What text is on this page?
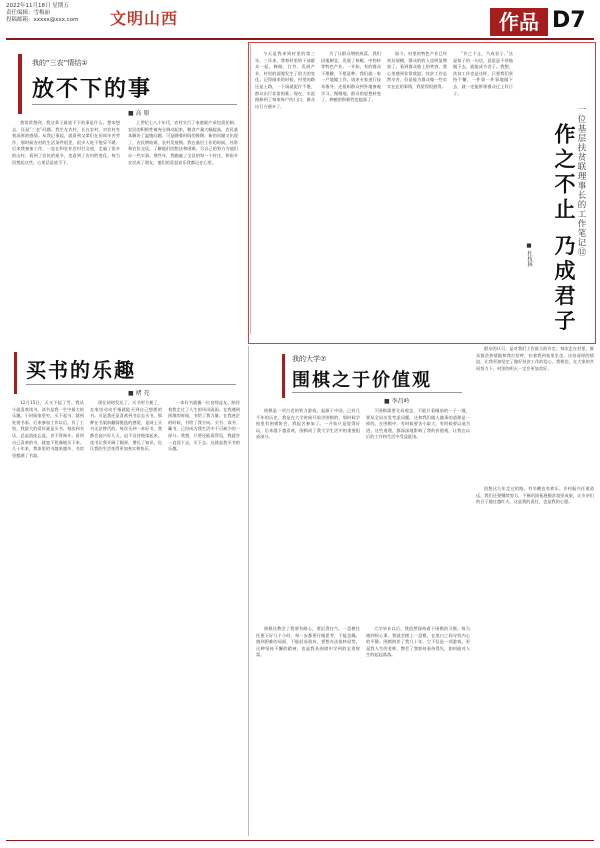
2022年11月18日 星期五
责任编辑：雪梅丽
投稿邮箱：xxxxx@xxx.com 文明山西	作品 D7
我的“三农”情结①
放不下的事
■ 高 原
我常常想到，我这辈子最放不下的事是什么。想来想去，还是“三农”问题。我生在农村，长在农村，对农村有着深厚的感情。从我记事起，就看到父辈们在田间辛苦劳作，那时候农村的生活条件很差，很多人吃不饱穿不暖。后来我参加工作，一直在和农业农村打交道，走遍了很多的山村，看到了农民的艰辛，也看到了农村的变化。每当回想起这些，心里总是放不下。
上世纪七八十年代，农村实行了家庭联产承包责任制，农民的积极性被充分调动起来，粮食产量大幅提高，农民基本解决了温饱问题。可是随着时间的推移，新的问题又出现了，农民增收难，农村发展慢。我在基层工作的时候，经常和农民交谈，了解他们的想法和困难，尽自己的努力为他们办一些实事。那些年，我跑遍了全县的每一个村庄，和很多农民成了朋友，他们的喜怒哀乐我都记在心里。
今天是我来到村里的第三年。三年来，我和村里的干部群众一起，修路、打井、发展产业，村里的面貌发生了很大的变化。记得刚来的时候，村里的路还是土路，一下雨就泥泞不堪，群众出行非常困难。现在，水泥路修到了每家每户的门口，群众出行方便多了。
为了让群众增收致富，我们因地制宜，发展了核桃、中药材等特色产业。一开始，有的群众不理解，不愿意种。我们就一家一户地做工作，请来专家进行技术指导，还组织群众到外地参观学习。慢慢地，群众的思想转变了，种植的积极性也提高了。
如今，村里的特色产业已经初具规模，群众的收入也明显增加了。看到群众脸上的笑容，我心里感到非常欣慰。扶贫工作虽然辛苦，但是能为群众做一些实实在在的事情，我觉得很值得。
“作之不止，乃成君子。”这是荀子的一句话，意思是不停地做下去，就能成为君子。我想，扶贫工作也是这样，只要我们坚持不懈，一件事一件事地做下去，就一定能带领群众过上好日子。
一位基层扶贫联理事长的工作笔记⑫
作之不止 乃成君子
■ 杜枝林
群众的认可，是对我们工作最大的肯定。每次走在村里，群众都会热情地和我打招呼，拉着我到家里坐坐。这份深厚的情谊，让我更加坚定了做好扶贫工作的信心。我相信，在大家的共同努力下，村里的明天一定会更加美好。
回想这几年走过的路，有辛酸也有欢乐。乡村振兴任重道远，我们还要继续努力，不断巩固拓展脱贫攻坚成果，让乡亲们的日子越过越红火。这是我的责任，也是我的心愿。
买书的乐趣
■ 褚 充
12月15日，天又下起了雪。我从小就喜欢读书，读书是我一生中最大的乐趣。小时候家里穷，买不起书，就到处借书看。后来参加工作以后，有了工资，我最大的爱好就是买书。每次到书店，总是流连忘返，舍不得离开。看到自己喜欢的书，就毫不犹豫地买下来。几十年来，我家里的书越来越多，书房里摆满了书架。
现在网络发达了，买书更方便了，在家里动动手指就能买到自己想要的书。可是我还是喜欢到书店去买书，那种在书架前翻阅挑选的感觉，是网上买书无法替代的。每次买到一本好书，我都会高兴好几天，迫不及待地读起来。读书让我开阔了眼界，增长了知识，也让我的生活变得更加充实和快乐。
一本好书就像一位良师益友，陪伴着我走过了人生的风风雨雨。在我遇到困难的时候，书给了我力量；在我迷茫的时候，书给了我方向。买书、读书、藏书，已经成为我生活中不可缺少的一部分。我想，只要还能看得见，我就会一直读下去，买下去。这就是我买书的乐趣。
我的大学⑦
围棋之于价值观
■ 李昌岭
围棋是一项古老的智力游戏，起源于中国，已有几千年的历史。我是在大学时候开始学围棋的，那时候学校里有围棋协会，我报名参加了。一开始只是觉得好玩，后来越下越喜欢，围棋成了我大学生活中的重要组成部分。
下围棋需要全局观念，不能只看眼前的一子一地，要从全局出发考虑问题。这和我们做人做事的道理是一样的。在围棋中，有时候要舍小取大，有时候要以退为进。这些道理，都深深地影响了我的价值观，让我在以后的工作和生活中受益匪浅。
围棋还教会了我要有耐心，要沉得住气。一盘棋往往要下好几个小时，每一步都要仔细思考，不能急躁。遇到困难的局面，不能轻易放弃，要想办法扭转局势。这种坚持不懈的精神，也是我从围棋中学到的宝贵财富。
大学毕业以后，我依然保持着下围棋的习惯。每当遇到烦心事，我就会摆上一盘棋，在黑白之间寻找内心的平静。围棋陪伴了我几十年，它不仅是一项游戏，更是我人生的老师，教会了我如何看待得失，如何面对人生的起起落落。
